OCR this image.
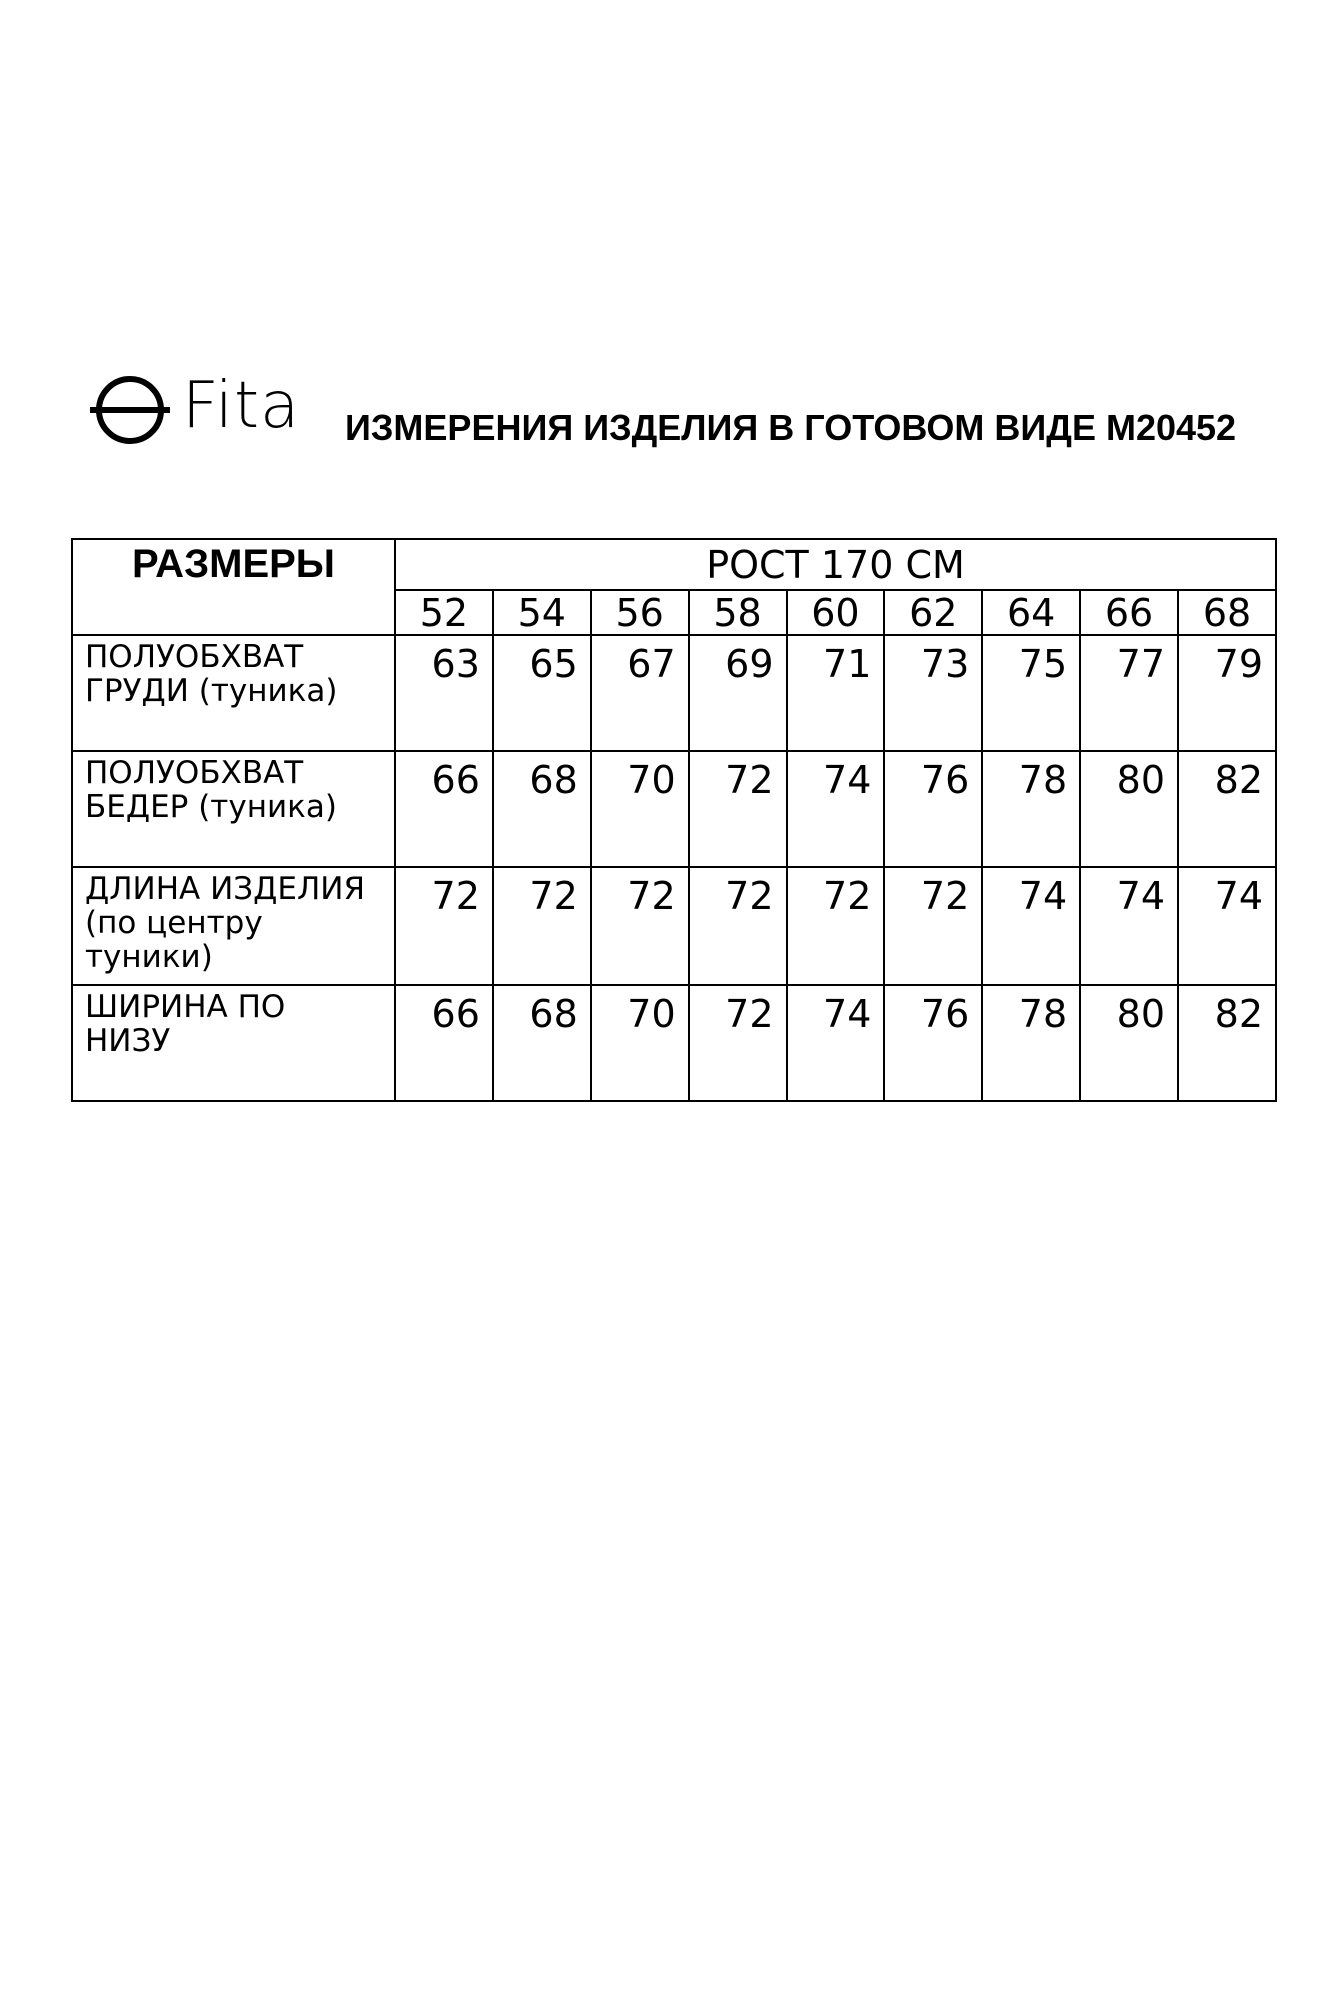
Fita ИЗМЕРЕНИЯ ИЗДЕЛИЯ В ГОТОВОМ ВИДЕ M20452
РАЗМЕРЫ	РОСТ 170 СМ								
	52	54	56	58	60	62	64	66	68
ПОЛУОБХВАТ
ГРУДИ (туника)	63	65	67	69	71	73	75	77	79
ПОЛУОБХВАТ
БЕДЕР (туника)	66	68	70	72	74	76	78	80	82
ДЛИНА ИЗДЕЛИЯ
(по центру
туники)	72	72	72	72	72	72	74	74	74
ШИРИНА ПО
НИЗУ	66	68	70	72	74	76	78	80	82
